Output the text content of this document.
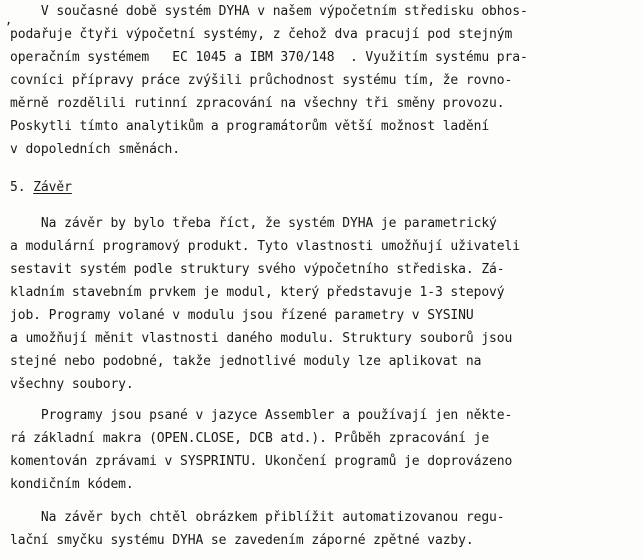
,
V současné době systém DYHA v našem výpočetním středisku obhos-
podařuje čtyři výpočetní systémy, z čehož dva pracují pod stejným
operačním systémem   EC 1045 a IBM 370/148  . Využitím systému pra-
covníci přípravy práce zvýšili průchodnost systému tím, že rovno-
měrně rozdělili rutinní zpracování na všechny tři směny provozu.
Poskytli tímto analytikům a programátorům větší možnost ladění
v dopoledních směnách.
5. Závěr
Na závěr by bylo třeba říct, že systém DYHA je parametrický
a modulární programový produkt. Tyto vlastnosti umožňují uživateli
sestavit systém podle struktury svého výpočetního střediska. Zá-
kladním stavebním prvkem je modul, který představuje 1-3 stepový
job. Programy volané v modulu jsou řízené parametry v SYSINU
a umožňují měnit vlastnosti daného modulu. Struktury souborů jsou
stejné nebo podobné, takže jednotlivé moduly lze aplikovat na
všechny soubory.
Programy jsou psané v jazyce Assembler a používají jen někte-
rá základní makra (OPEN.CLOSE, DCB atd.). Průběh zpracování je
komentován zprávami v SYSPRINTU. Ukončení programů je doprovázeno
kondičním kódem.
Na závěr bych chtěl obrázkem přiblížit automatizovanou regu-
lační smyčku systému DYHA se zavedením záporné zpětné vazby.
